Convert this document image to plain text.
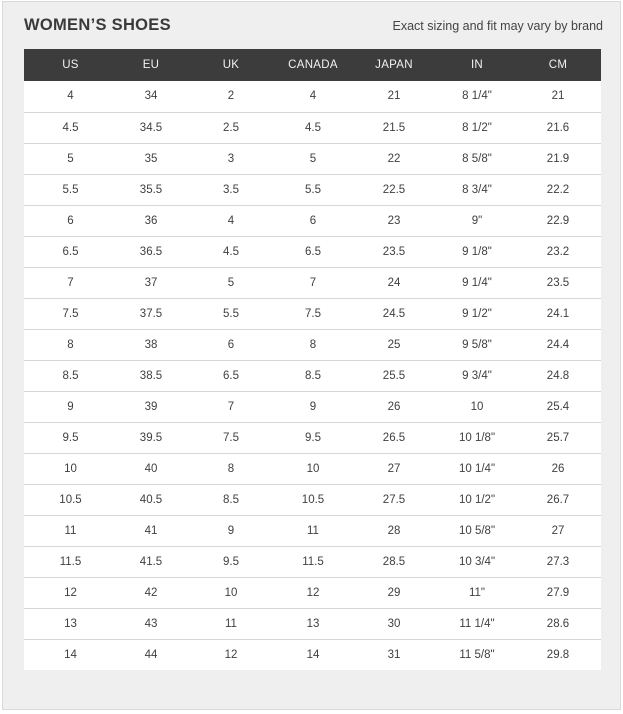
WOMEN’S SHOES	Exact sizing and fit may vary by brand
US	EU	UK	CANADA	JAPAN	IN	CM
4	34	2	4	21	8 1/4"	21
4.5	34.5	2.5	4.5	21.5	8 1/2"	21.6
5	35	3	5	22	8 5/8"	21.9
5.5	35.5	3.5	5.5	22.5	8 3/4"	22.2
6	36	4	6	23	9"	22.9
6.5	36.5	4.5	6.5	23.5	9 1/8"	23.2
7	37	5	7	24	9 1/4"	23.5
7.5	37.5	5.5	7.5	24.5	9 1/2"	24.1
8	38	6	8	25	9 5/8"	24.4
8.5	38.5	6.5	8.5	25.5	9 3/4"	24.8
9	39	7	9	26	10	25.4
9.5	39.5	7.5	9.5	26.5	10 1/8"	25.7
10	40	8	10	27	10 1/4"	26
10.5	40.5	8.5	10.5	27.5	10 1/2"	26.7
11	41	9	11	28	10 5/8"	27
11.5	41.5	9.5	11.5	28.5	10 3/4"	27.3
12	42	10	12	29	11"	27.9
13	43	11	13	30	11 1/4"	28.6
14	44	12	14	31	11 5/8"	29.8
